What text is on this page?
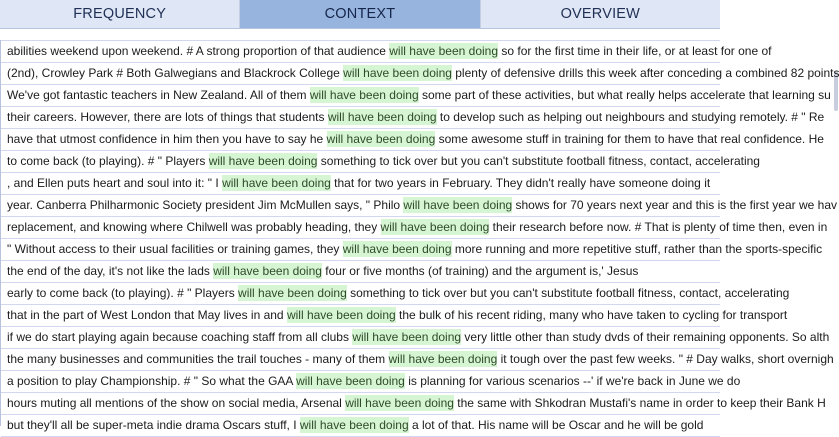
FREQUENCY	CONTEXT	OVERVIEW
abilities weekend upon weekend. # A strong proportion of that audience will have been doing so for the first time in their life, or at least for one of
(2nd), Crowley Park # Both Galwegians and Blackrock College will have been doing plenty of defensive drills this week after conceding a combined 82 points
We've got fantastic teachers in New Zealand. All of them will have been doing some part of these activities, but what really helps accelerate that learning su
their careers. However, there are lots of things that students will have been doing to develop such as helping out neighbours and studying remotely. # " Re
have that utmost confidence in him then you have to say he will have been doing some awesome stuff in training for them to have that real confidence. He
to come back (to playing). # " Players will have been doing something to tick over but you can't substitute football fitness, contact, accelerating
, and Ellen puts heart and soul into it: " I will have been doing that for two years in February. They didn't really have someone doing it
year. Canberra Philharmonic Society president Jim McMullen says, " Philo will have been doing shows for 70 years next year and this is the first year we hav
replacement, and knowing where Chilwell was probably heading, they will have been doing their research before now. # That is plenty of time then, even in
" Without access to their usual facilities or training games, they will have been doing more running and more repetitive stuff, rather than the sports-specific
the end of the day, it's not like the lads will have been doing four or five months (of training) and the argument is,' Jesus
early to come back (to playing). # " Players will have been doing something to tick over but you can't substitute football fitness, contact, accelerating
that in the part of West London that May lives in and will have been doing the bulk of his recent riding, many who have taken to cycling for transport
if we do start playing again because coaching staff from all clubs will have been doing very little other than study dvds of their remaining opponents. So alth
the many businesses and communities the trail touches - many of them will have been doing it tough over the past few weeks. " # Day walks, short overnigh
a position to play Championship. # " So what the GAA will have been doing is planning for various scenarios --' if we're back in June we do
hours muting all mentions of the show on social media, Arsenal will have been doing the same with Shkodran Mustafi's name in order to keep their Bank H
but they'll all be super-meta indie drama Oscars stuff, I will have been doing a lot of that. His name will be Oscar and he will be gold
